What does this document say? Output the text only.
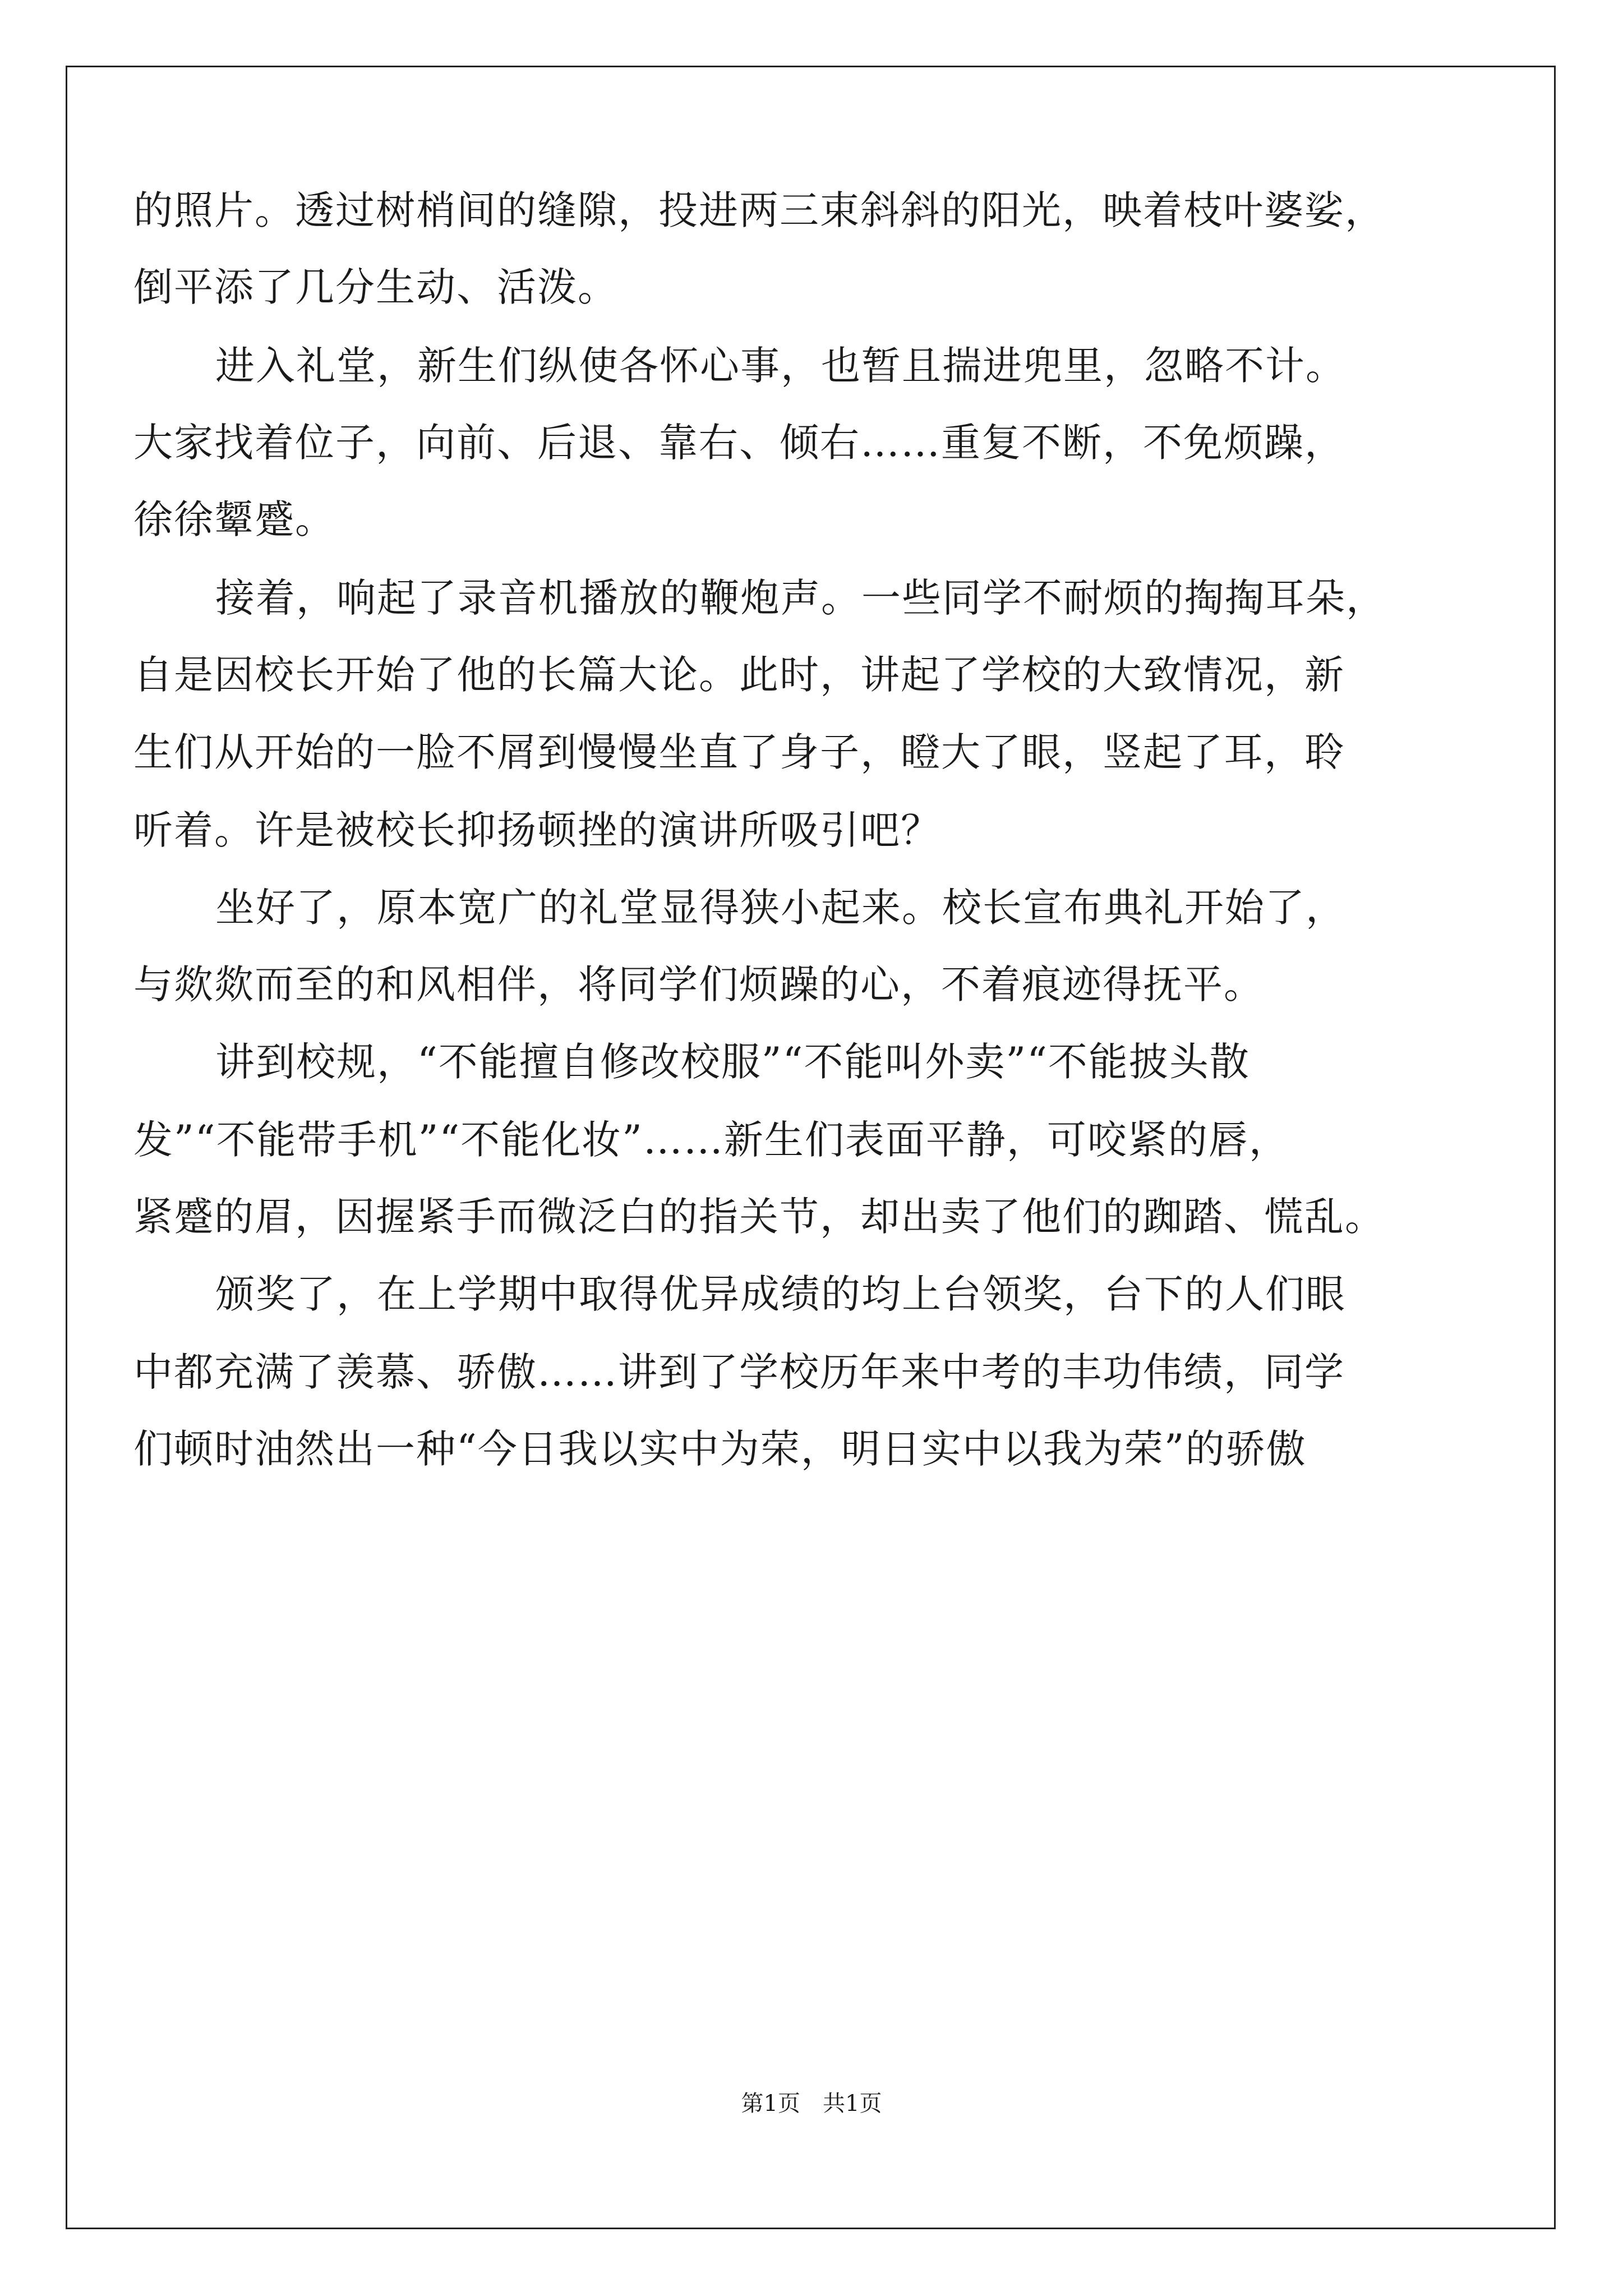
的照片。透过树梢间的缝隙，投进两三束斜斜的阳光，映着枝叶婆娑，
倒平添了几分生动、活泼。
进入礼堂，新生们纵使各怀心事，也暂且揣进兜里，忽略不计。
大家找着位子，向前、后退、靠右、倾右……重复不断，不免烦躁，
徐徐颦蹙。
接着，响起了录音机播放的鞭炮声。一些同学不耐烦的掏掏耳朵，
自是因校长开始了他的长篇大论。此时，讲起了学校的大致情况，新
生们从开始的一脸不屑到慢慢坐直了身子，瞪大了眼，竖起了耳，聆
听着。许是被校长抑扬顿挫的演讲所吸引吧？
坐好了，原本宽广的礼堂显得狭小起来。校长宣布典礼开始了，
与欻欻而至的和风相伴，将同学们烦躁的心，不着痕迹得抚平。
讲到校规，“不能擅自修改校服”“不能叫外卖”“不能披头散
发”“不能带手机”“不能化妆”……新生们表面平静，可咬紧的唇，
紧蹙的眉，因握紧手而微泛白的指关节，却出卖了他们的踟踏、慌乱。
颁奖了，在上学期中取得优异成绩的均上台领奖，台下的人们眼
中都充满了羡慕、骄傲……讲到了学校历年来中考的丰功伟绩，同学
们顿时油然出一种“今日我以实中为荣，明日实中以我为荣”的骄傲
第1页　共1页
